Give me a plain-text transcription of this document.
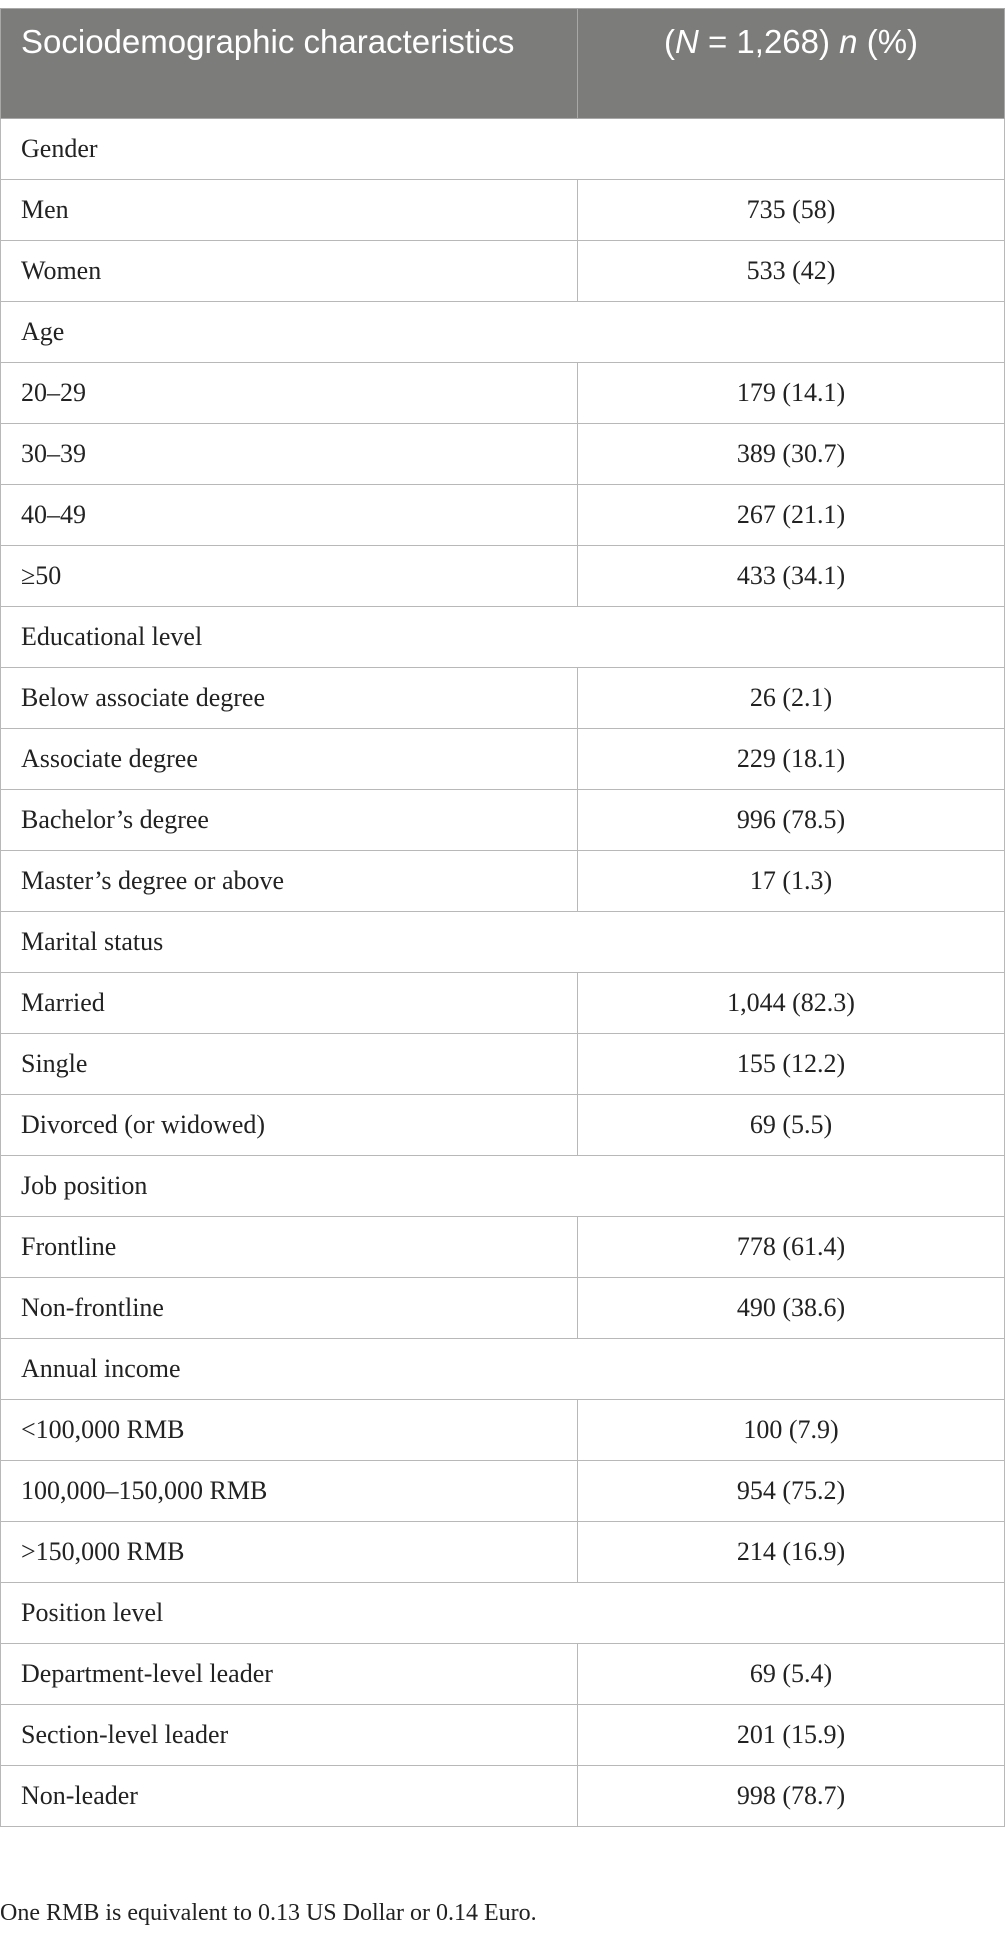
Sociodemographic characteristics	(N = 1,268) n (%)
Gender	
Men	735 (58)
Women	533 (42)
Age	
20–29	179 (14.1)
30–39	389 (30.7)
40–49	267 (21.1)
≥50	433 (34.1)
Educational level	
Below associate degree	26 (2.1)
Associate degree	229 (18.1)
Bachelor’s degree	996 (78.5)
Master’s degree or above	17 (1.3)
Marital status	
Married	1,044 (82.3)
Single	155 (12.2)
Divorced (or widowed)	69 (5.5)
Job position	
Frontline	778 (61.4)
Non-frontline	490 (38.6)
Annual income	
<100,000 RMB	100 (7.9)
100,000–150,000 RMB	954 (75.2)
>150,000 RMB	214 (16.9)
Position level	
Department-level leader	69 (5.4)
Section-level leader	201 (15.9)
Non-leader	998 (78.7)
One RMB is equivalent to 0.13 US Dollar or 0.14 Euro.
